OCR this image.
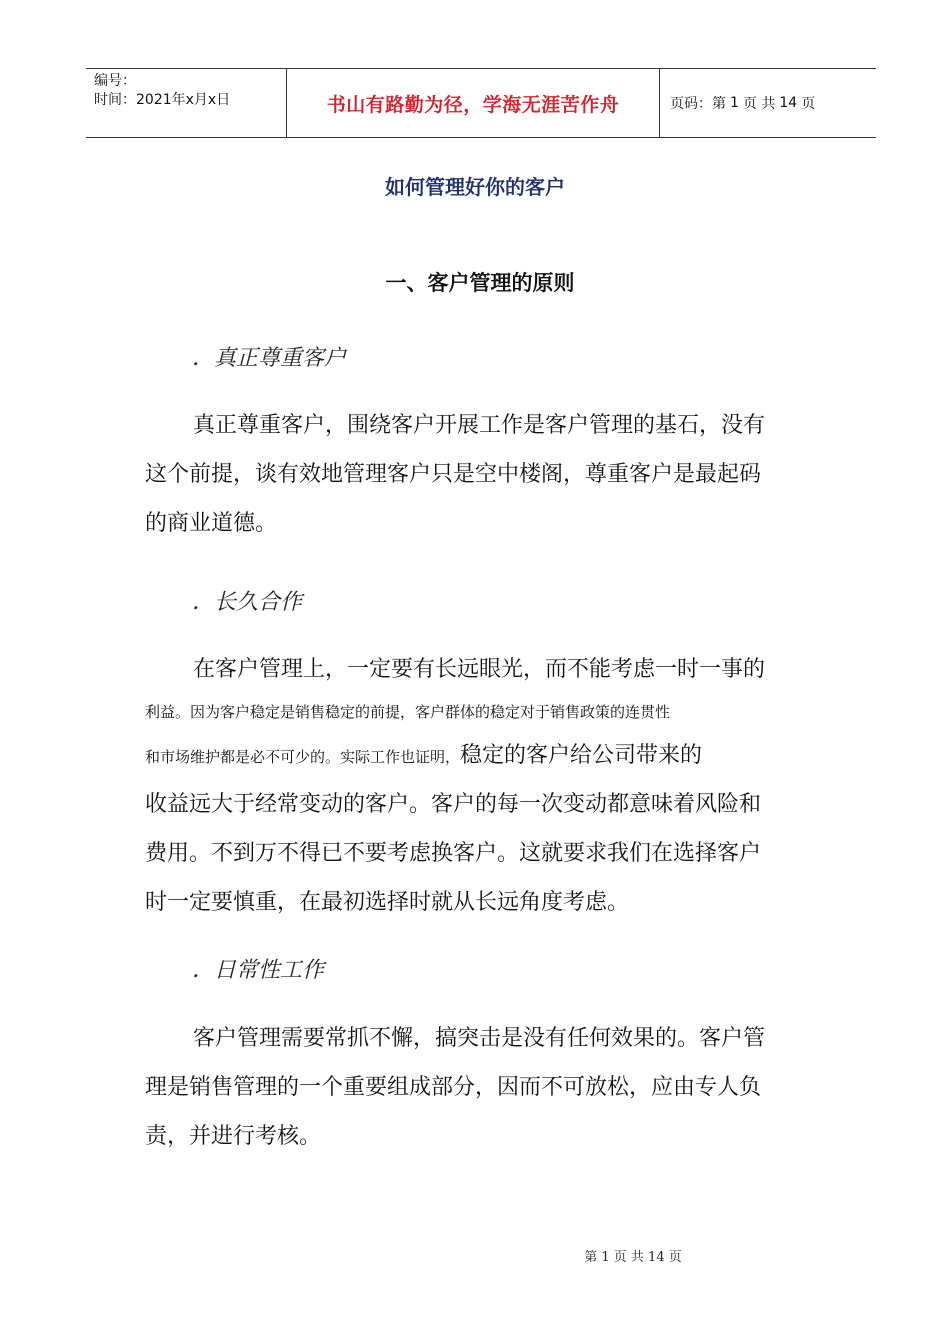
编号：
时间：2021年x月x日	书山有路勤为径，学海无涯苦作舟	页码：第 1 页 共 14 页
如何管理好你的客户
一、客户管理的原则
．真正尊重客户
真正尊重客户，围绕客户开展工作是客户管理的基石，没有
这个前提，谈有效地管理客户只是空中楼阁，尊重客户是最起码
的商业道德。
．长久合作
在客户管理上，一定要有长远眼光，而不能考虑一时一事的
利益。因为客户稳定是销售稳定的前提，客户群体的稳定对于销售政策的连贯性
和市场维护都是必不可少的。实际工作也证明，稳定的客户给公司带来的
收益远大于经常变动的客户。客户的每一次变动都意味着风险和
费用。不到万不得已不要考虑换客户。这就要求我们在选择客户
时一定要慎重，在最初选择时就从长远角度考虑。
．日常性工作
客户管理需要常抓不懈，搞突击是没有任何效果的。客户管
理是销售管理的一个重要组成部分，因而不可放松，应由专人负
责，并进行考核。
第 1 页 共 14 页
